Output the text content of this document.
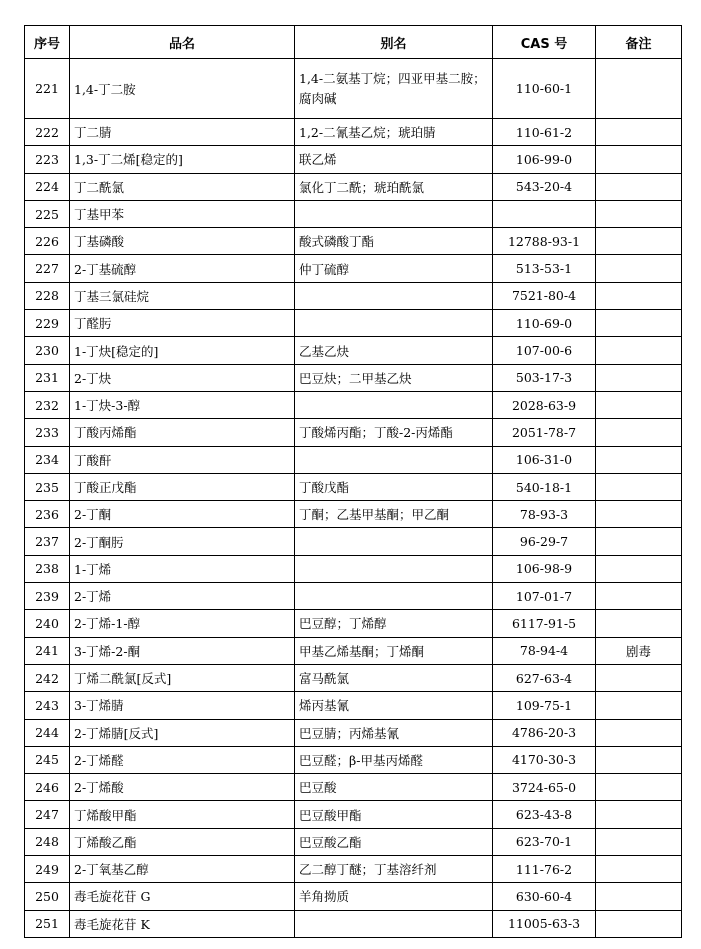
序号	品名	别名	CAS 号	备注
221	1,4-丁二胺	1,4-二氨基丁烷；四亚甲基二胺；腐肉碱	110-60-1	
222	丁二腈	1,2-二氰基乙烷；琥珀腈	110-61-2	
223	1,3-丁二烯[稳定的]	联乙烯	106-99-0	
224	丁二酰氯	氯化丁二酰；琥珀酰氯	543-20-4	
225	丁基甲苯			
226	丁基磷酸	酸式磷酸丁酯	12788-93-1	
227	2-丁基硫醇	仲丁硫醇	513-53-1	
228	丁基三氯硅烷		7521-80-4	
229	丁醛肟		110-69-0	
230	1-丁炔[稳定的]	乙基乙炔	107-00-6	
231	2-丁炔	巴豆炔；二甲基乙炔	503-17-3	
232	1-丁炔-3-醇		2028-63-9	
233	丁酸丙烯酯	丁酸烯丙酯；丁酸-2-丙烯酯	2051-78-7	
234	丁酸酐		106-31-0	
235	丁酸正戊酯	丁酸戊酯	540-18-1	
236	2-丁酮	丁酮；乙基甲基酮；甲乙酮	78-93-3	
237	2-丁酮肟		96-29-7	
238	1-丁烯		106-98-9	
239	2-丁烯		107-01-7	
240	2-丁烯-1-醇	巴豆醇；丁烯醇	6117-91-5	
241	3-丁烯-2-酮	甲基乙烯基酮；丁烯酮	78-94-4	剧毒
242	丁烯二酰氯[反式]	富马酰氯	627-63-4	
243	3-丁烯腈	烯丙基氰	109-75-1	
244	2-丁烯腈[反式]	巴豆腈；丙烯基氰	4786-20-3	
245	2-丁烯醛	巴豆醛；β-甲基丙烯醛	4170-30-3	
246	2-丁烯酸	巴豆酸	3724-65-0	
247	丁烯酸甲酯	巴豆酸甲酯	623-43-8	
248	丁烯酸乙酯	巴豆酸乙酯	623-70-1	
249	2-丁氧基乙醇	乙二醇丁醚；丁基溶纤剂	111-76-2	
250	毒毛旋花苷 G	羊角拗质	630-60-4	
251	毒毛旋花苷 K		11005-63-3	
